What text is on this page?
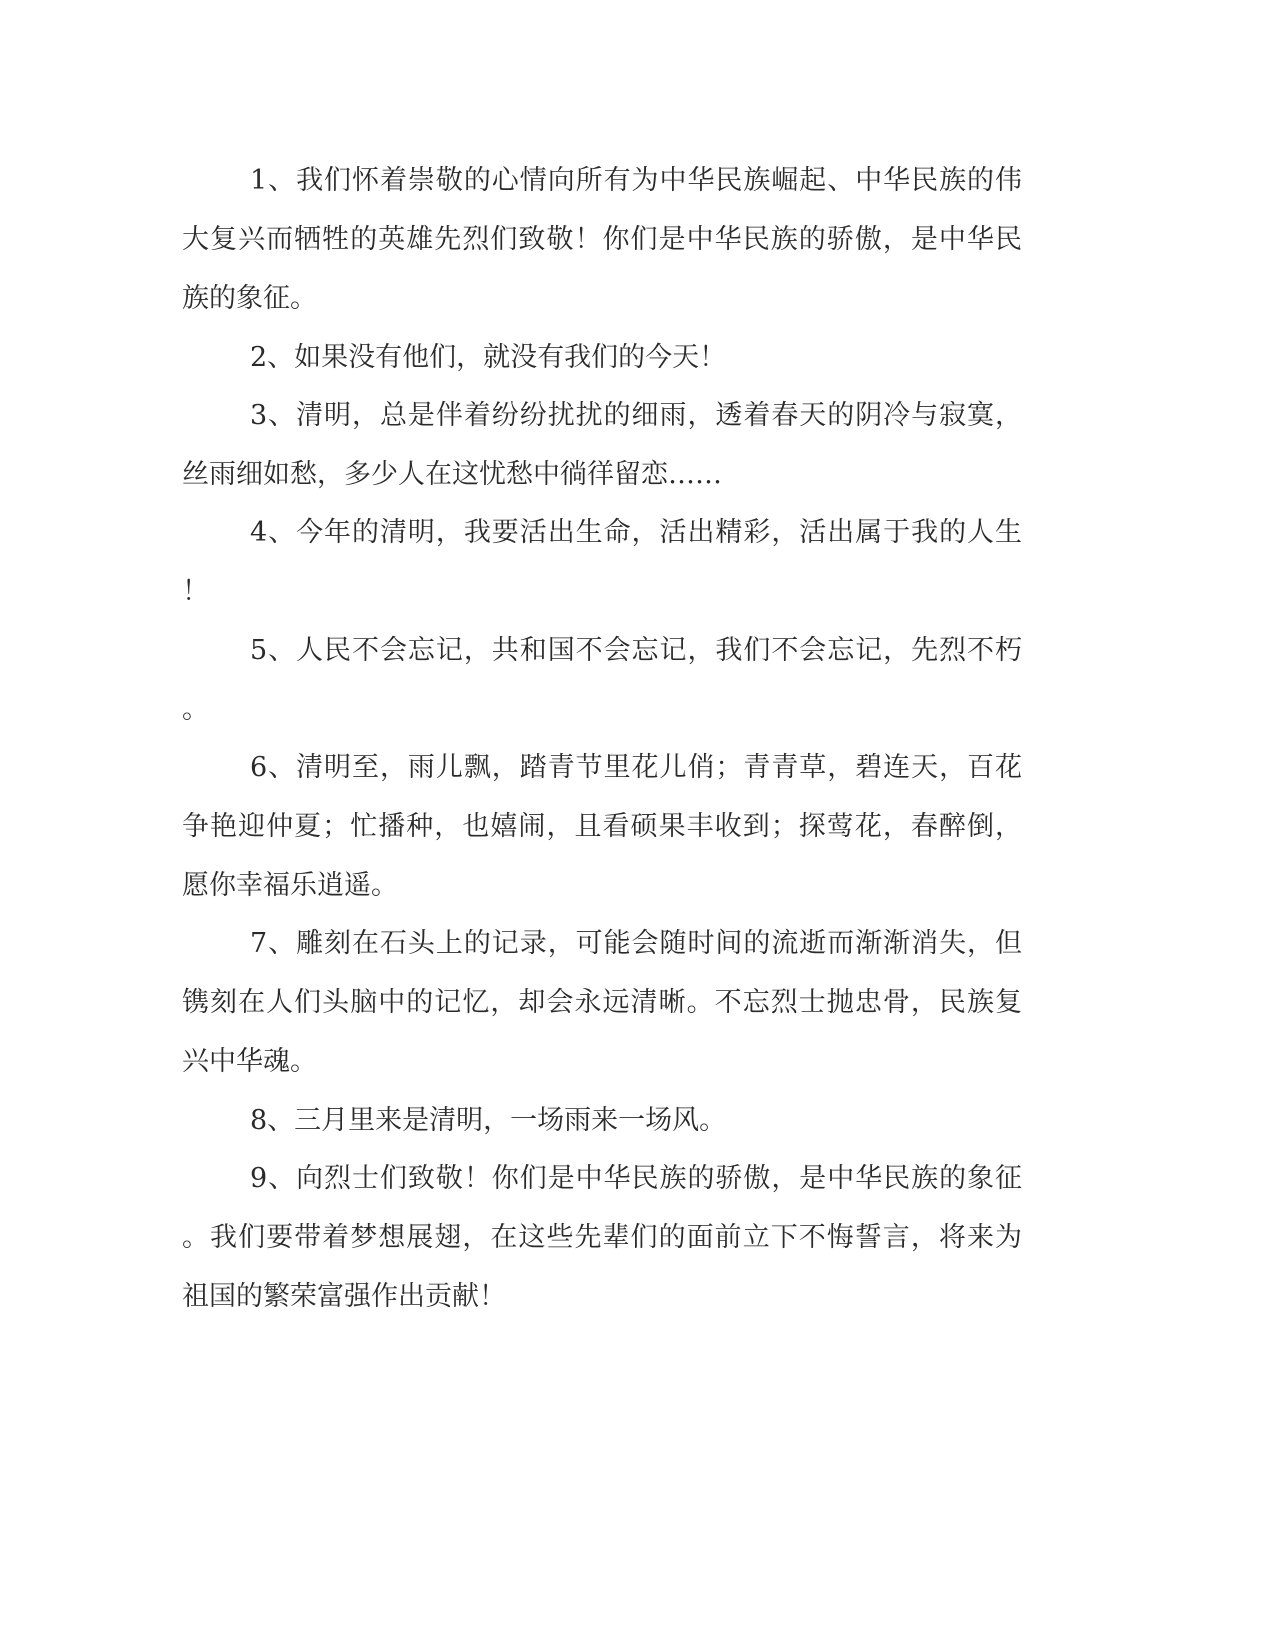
1、我们怀着崇敬的心情向所有为中华民族崛起、中华民族的伟
大复兴而牺牲的英雄先烈们致敬！你们是中华民族的骄傲，是中华民
族的象征。
2、如果没有他们，就没有我们的今天！
3、清明，总是伴着纷纷扰扰的细雨，透着春天的阴冷与寂寞，
丝雨细如愁，多少人在这忧愁中徜徉留恋……
4、今年的清明，我要活出生命，活出精彩，活出属于我的人生
！
5、人民不会忘记，共和国不会忘记，我们不会忘记，先烈不朽
。
6、清明至，雨儿飘，踏青节里花儿俏；青青草，碧连天，百花
争艳迎仲夏；忙播种，也嬉闹，且看硕果丰收到；探莺花，春醉倒，
愿你幸福乐逍遥。
7、雕刻在石头上的记录，可能会随时间的流逝而渐渐消失，但
镌刻在人们头脑中的记忆，却会永远清晰。不忘烈士抛忠骨，民族复
兴中华魂。
8、三月里来是清明，一场雨来一场风。
9、向烈士们致敬！你们是中华民族的骄傲，是中华民族的象征
。我们要带着梦想展翅，在这些先辈们的面前立下不悔誓言，将来为
祖国的繁荣富强作出贡献！
